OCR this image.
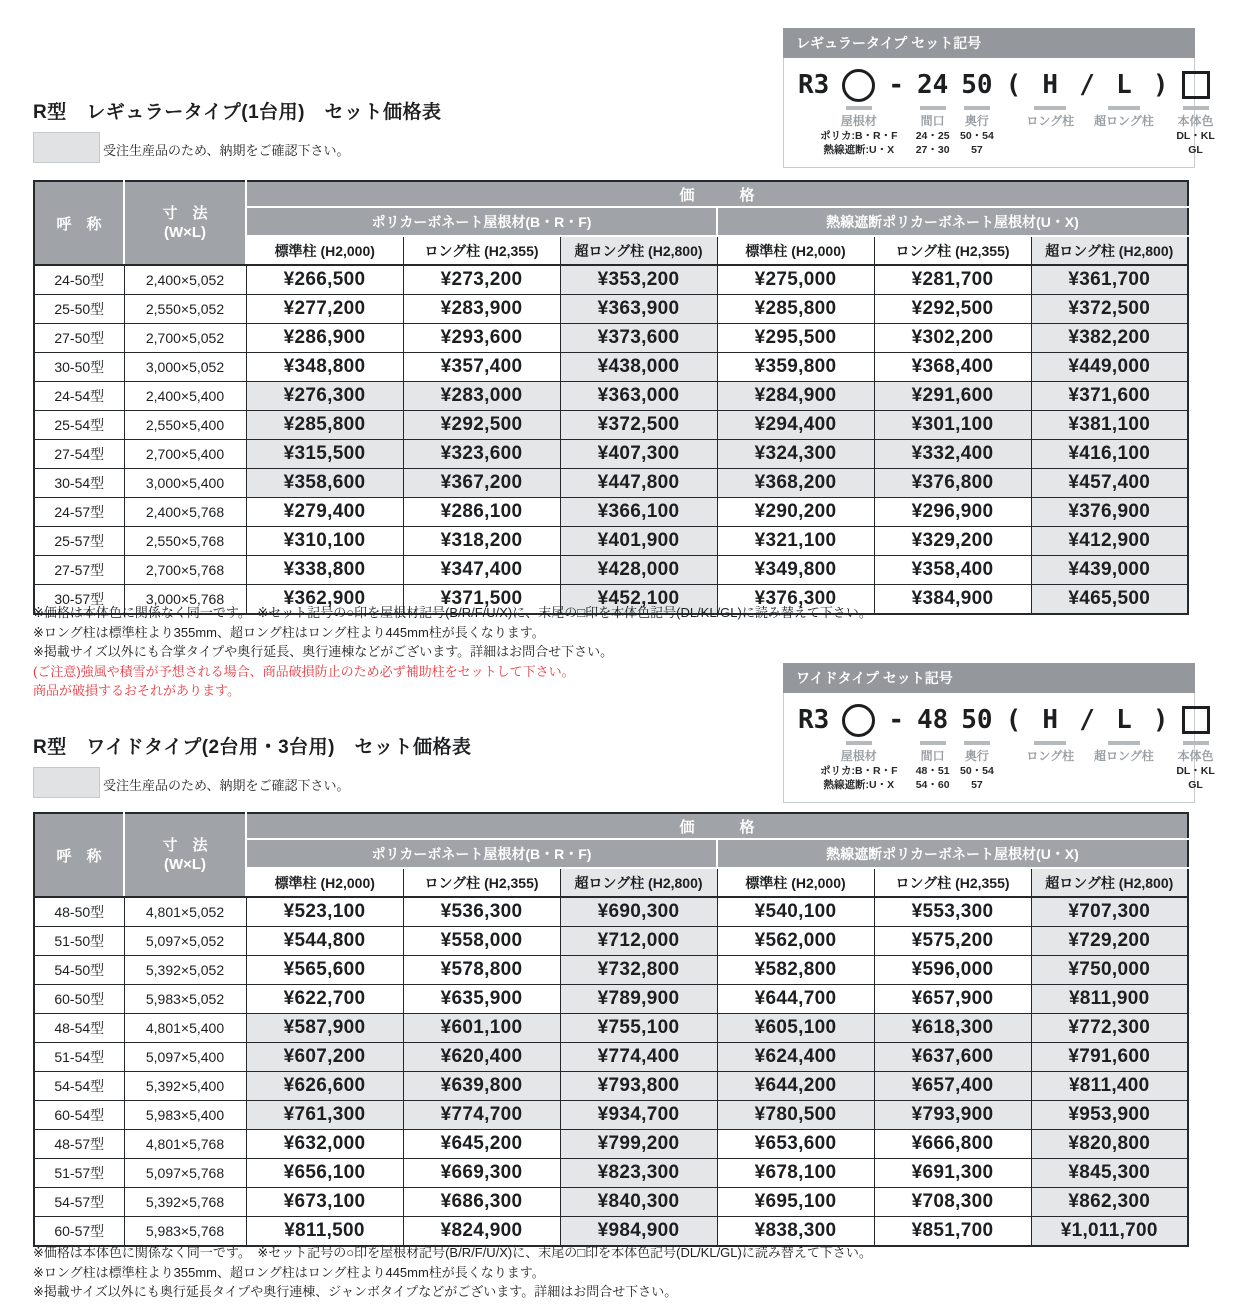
R型　レギュラータイプ(1台用)　セット価格表
受注生産品のため、納期をご確認下さい。
レギュラータイプ セット記号
R3
屋根材
ポリカ:B・R・F
熱線遮断:U・X
- 24
間口
24・25
27・30
50
奥行
50・54
57
( H
ロング柱
/ L
超ロング柱
)
本体色
DL・KL
GL
呼　称	寸　法
(W×L)	価　　　格					
		ポリカーボネート屋根材(B・R・F)			熱線遮断ポリカーボネート屋根材(U・X)		
		標準柱 (H2,000)	ロング柱 (H2,355)	超ロング柱 (H2,800)	標準柱 (H2,000)	ロング柱 (H2,355)	超ロング柱 (H2,800)
24-50型	2,400×5,052	¥266,500	¥273,200	¥353,200	¥275,000	¥281,700	¥361,700
25-50型	2,550×5,052	¥277,200	¥283,900	¥363,900	¥285,800	¥292,500	¥372,500
27-50型	2,700×5,052	¥286,900	¥293,600	¥373,600	¥295,500	¥302,200	¥382,200
30-50型	3,000×5,052	¥348,800	¥357,400	¥438,000	¥359,800	¥368,400	¥449,000
24-54型	2,400×5,400	¥276,300	¥283,000	¥363,000	¥284,900	¥291,600	¥371,600
25-54型	2,550×5,400	¥285,800	¥292,500	¥372,500	¥294,400	¥301,100	¥381,100
27-54型	2,700×5,400	¥315,500	¥323,600	¥407,300	¥324,300	¥332,400	¥416,100
30-54型	3,000×5,400	¥358,600	¥367,200	¥447,800	¥368,200	¥376,800	¥457,400
24-57型	2,400×5,768	¥279,400	¥286,100	¥366,100	¥290,200	¥296,900	¥376,900
25-57型	2,550×5,768	¥310,100	¥318,200	¥401,900	¥321,100	¥329,200	¥412,900
27-57型	2,700×5,768	¥338,800	¥347,400	¥428,000	¥349,800	¥358,400	¥439,000
30-57型	3,000×5,768	¥362,900	¥371,500	¥452,100	¥376,300	¥384,900	¥465,500
※価格は本体色に関係なく同一です。　※セット記号の○印を屋根材記号(B/R/F/U/X)に、末尾の□印を本体色記号(DL/KL/GL)に読み替えて下さい。
※ロング柱は標準柱より355mm、超ロング柱はロング柱より445mm柱が長くなります。
※掲載サイズ以外にも合掌タイプや奥行延長、奥行連棟などがございます。詳細はお問合せ下さい。
(ご注意)強風や積雪が予想される場合、商品破損防止のため必ず補助柱をセットして下さい。
商品が破損するおそれがあります。
R型　ワイドタイプ(2台用・3台用)　セット価格表
受注生産品のため、納期をご確認下さい。
ワイドタイプ セット記号
R3
屋根材
ポリカ:B・R・F
熱線遮断:U・X
- 48
間口
48・51
54・60
50
奥行
50・54
57
( H
ロング柱
/ L
超ロング柱
)
本体色
DL・KL
GL
呼　称	寸　法
(W×L)	価　　　格					
		ポリカーボネート屋根材(B・R・F)			熱線遮断ポリカーボネート屋根材(U・X)		
		標準柱 (H2,000)	ロング柱 (H2,355)	超ロング柱 (H2,800)	標準柱 (H2,000)	ロング柱 (H2,355)	超ロング柱 (H2,800)
48-50型	4,801×5,052	¥523,100	¥536,300	¥690,300	¥540,100	¥553,300	¥707,300
51-50型	5,097×5,052	¥544,800	¥558,000	¥712,000	¥562,000	¥575,200	¥729,200
54-50型	5,392×5,052	¥565,600	¥578,800	¥732,800	¥582,800	¥596,000	¥750,000
60-50型	5,983×5,052	¥622,700	¥635,900	¥789,900	¥644,700	¥657,900	¥811,900
48-54型	4,801×5,400	¥587,900	¥601,100	¥755,100	¥605,100	¥618,300	¥772,300
51-54型	5,097×5,400	¥607,200	¥620,400	¥774,400	¥624,400	¥637,600	¥791,600
54-54型	5,392×5,400	¥626,600	¥639,800	¥793,800	¥644,200	¥657,400	¥811,400
60-54型	5,983×5,400	¥761,300	¥774,700	¥934,700	¥780,500	¥793,900	¥953,900
48-57型	4,801×5,768	¥632,000	¥645,200	¥799,200	¥653,600	¥666,800	¥820,800
51-57型	5,097×5,768	¥656,100	¥669,300	¥823,300	¥678,100	¥691,300	¥845,300
54-57型	5,392×5,768	¥673,100	¥686,300	¥840,300	¥695,100	¥708,300	¥862,300
60-57型	5,983×5,768	¥811,500	¥824,900	¥984,900	¥838,300	¥851,700	¥1,011,700
※価格は本体色に関係なく同一です。　※セット記号の○印を屋根材記号(B/R/F/U/X)に、末尾の□印を本体色記号(DL/KL/GL)に読み替えて下さい。
※ロング柱は標準柱より355mm、超ロング柱はロング柱より445mm柱が長くなります。
※掲載サイズ以外にも奥行延長タイプや奥行連棟、ジャンボタイプなどがございます。詳細はお問合せ下さい。
